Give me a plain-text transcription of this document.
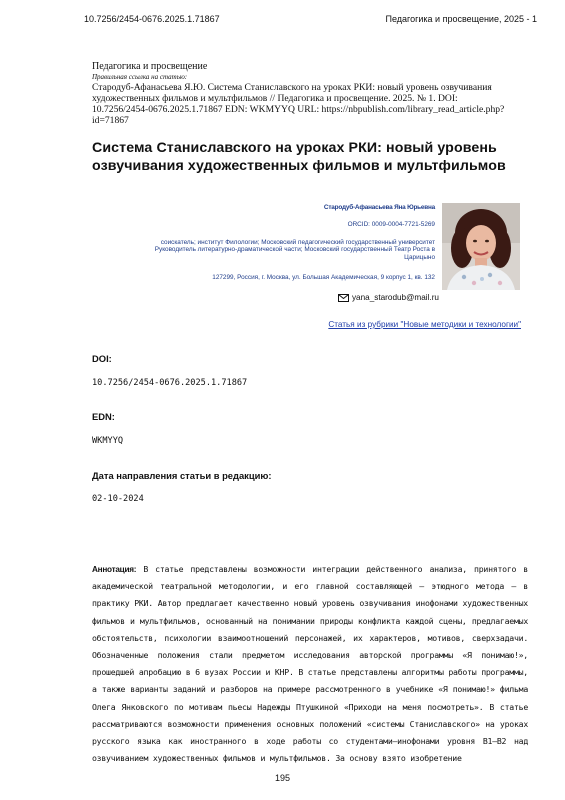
10.7256/2454-0676.2025.1.71867	Педагогика и просвещение, 2025 - 1
Педагогика и просвещение
Правильная ссылка на статью:
Стародуб-Афанасьева Я.Ю. Система Станиславского на уроках РКИ: новый уровень озвучивания художественных фильмов и мультфильмов // Педагогика и просвещение. 2025. № 1. DOI: 10.7256/2454-0676.2025.1.71867 EDN: WKMYYQ URL: https://nbpublish.com/library_read_article.php?id=71867
Система Станиславского на уроках РКИ: новый уровень озвучивания художественных фильмов и мультфильмов
Стародуб-Афанасьева Яна Юрьевна
ORCID: 0009-0004-7721-5269
соискатель; институт Филологии; Московский педагогический государственный университет
Руководитель литературно-драматической части; Московский государственный Театр Роста в Царицыно
127299, Россия, г. Москва, ул. Большая Академическая, 9 корпус 1, кв. 132
yana_starodub@mail.ru
Статья из рубрики "Новые методики и технологии"
DOI:
10.7256/2454-0676.2025.1.71867
EDN:
WKMYYQ
Дата направления статьи в редакцию:
02-10-2024
Аннотация: В статье представлены возможности интеграции действенного анализа, принятого в академической театральной методологии, и его главной составляющей – этюдного метода – в практику РКИ. Автор предлагает качественно новый уровень озвучивания инофонами художественных фильмов и мультфильмов, основанный на понимании природы конфликта каждой сцены, предлагаемых обстоятельств, психологии взаимоотношений персонажей, их характеров, мотивов, сверхзадачи. Обозначенные положения стали предметом исследования авторской программы «Я понимаю!», прошедшей апробацию в 6 вузах России и КНР. В статье представлены алгоритмы работы программы, а также варианты заданий и разборов на примере рассмотренного в учебнике «Я понимаю!» фильма Олега Янковского по мотивам пьесы Надежды Птушкиной «Приходи на меня посмотреть». В статье рассматриваются возможности применения основных положений «системы Станиславского» на уроках русского языка как иностранного в ходе работы со студентами–инофонами уровня В1–В2 над озвучиванием художественных фильмов и мультфильмов. За основу взято изобретение
195
